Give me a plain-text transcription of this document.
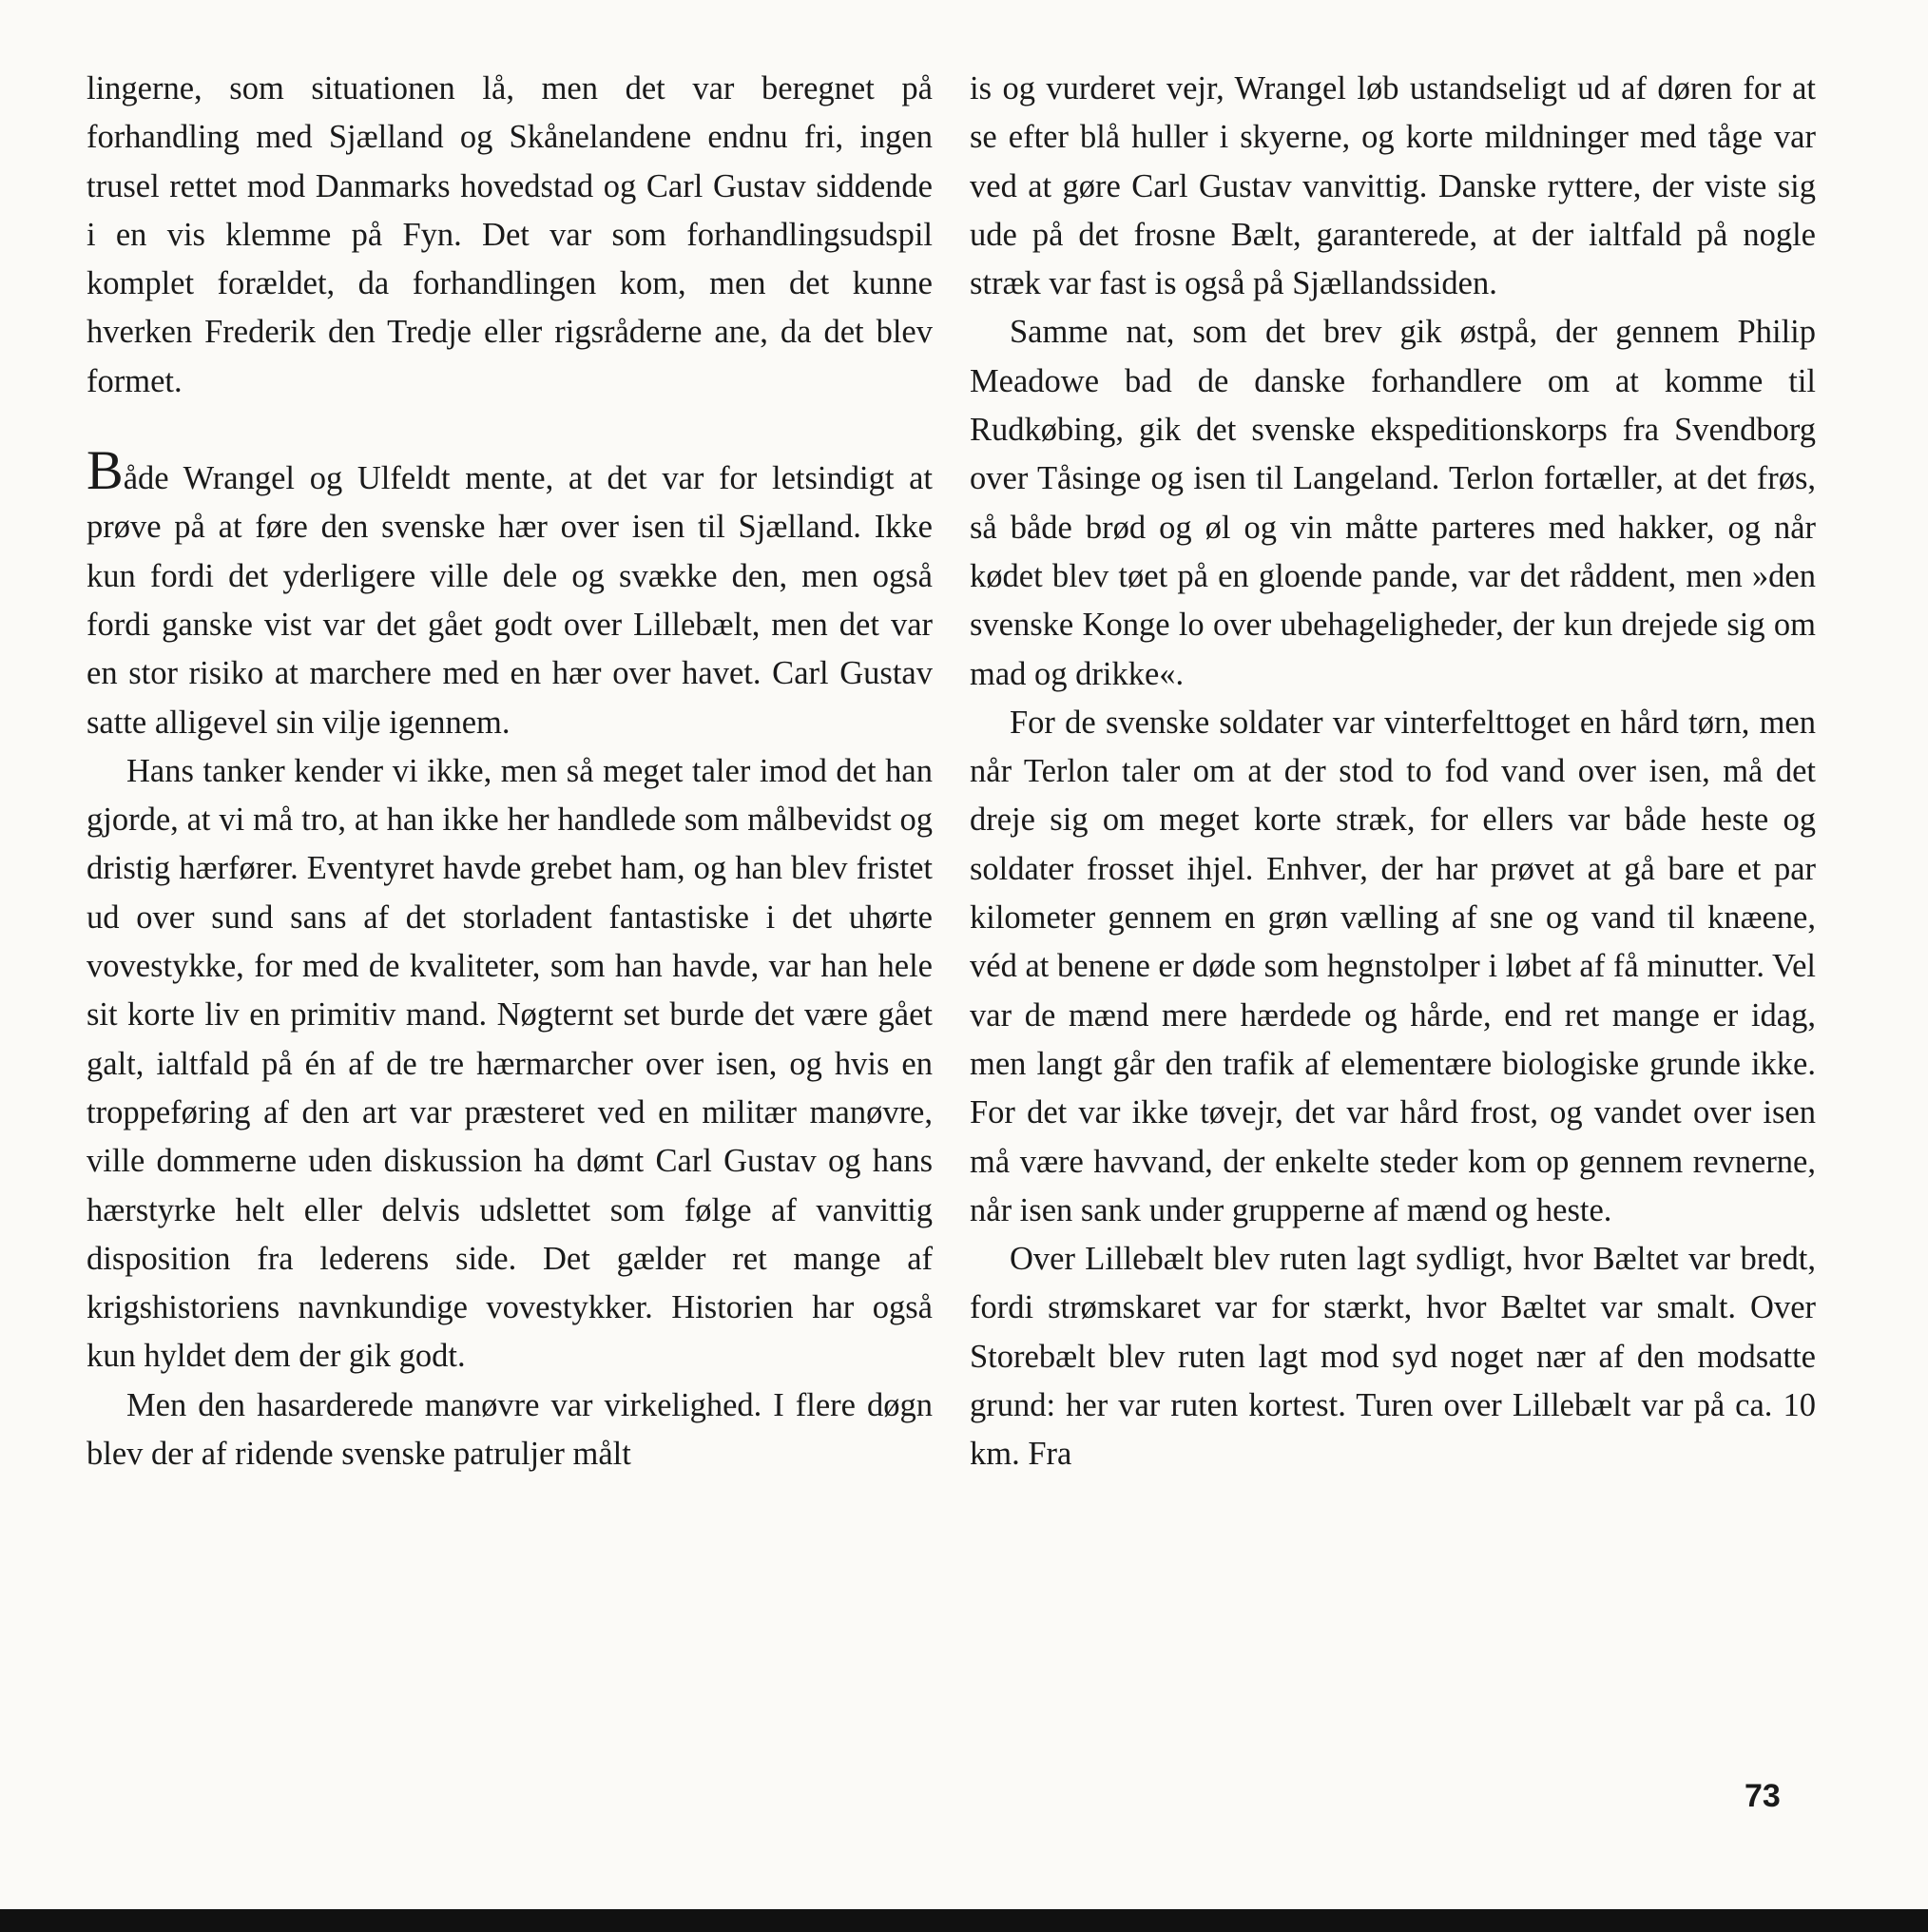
lingerne, som situationen lå, men det var beregnet på forhandling med Sjælland og Skånelandene endnu fri, ingen trusel rettet mod Danmarks hovedstad og Carl Gustav siddende i en vis klemme på Fyn. Det var som forhandlingsudspil komplet forældet, da forhandlingen kom, men det kunne hverken Frederik den Tredje eller rigsråderne ane, da det blev formet.

Både Wrangel og Ulfeldt mente, at det var for letsindigt at prøve på at føre den svenske hær over isen til Sjælland. Ikke kun fordi det yderligere ville dele og svække den, men også fordi ganske vist var det gået godt over Lillebælt, men det var en stor risiko at marchere med en hær over havet. Carl Gustav satte alligevel sin vilje igennem.

Hans tanker kender vi ikke, men så meget taler imod det han gjorde, at vi må tro, at han ikke her handlede som målbevidst og dristig hærfører. Eventyret havde grebet ham, og han blev fristet ud over sund sans af det storladent fantastiske i det uhørte vovestykke, for med de kvaliteter, som han havde, var han hele sit korte liv en primitiv mand. Nøgternt set burde det være gået galt, ialtfald på én af de tre hærmarcher over isen, og hvis en troppeføring af den art var præsteret ved en militær manøvre, ville dommerne uden diskussion ha dømt Carl Gustav og hans hærstyrke helt eller delvis udslettet som følge af vanvittig disposition fra lederens side. Det gælder ret mange af krigshistoriens navnkundige vovestykker. Historien har også kun hyldet dem der gik godt.

Men den hasarderede manøvre var virkelighed. I flere døgn blev der af ridende svenske patruljer målt

is og vurderet vejr, Wrangel løb ustandseligt ud af døren for at se efter blå huller i skyerne, og korte mildninger med tåge var ved at gøre Carl Gustav vanvittig. Danske ryttere, der viste sig ude på det frosne Bælt, garanterede, at der ialtfald på nogle stræk var fast is også på Sjællandssiden.

Samme nat, som det brev gik østpå, der gennem Philip Meadowe bad de danske forhandlere om at komme til Rudkøbing, gik det svenske ekspeditionskorps fra Svendborg over Tåsinge og isen til Langeland. Terlon fortæller, at det frøs, så både brød og øl og vin måtte parteres med hakker, og når kødet blev tøet på en gloende pande, var det råddent, men »den svenske Konge lo over ubehageligheder, der kun drejede sig om mad og drikke«.

For de svenske soldater var vinterfelttoget en hård tørn, men når Terlon taler om at der stod to fod vand over isen, må det dreje sig om meget korte stræk, for ellers var både heste og soldater frosset ihjel. Enhver, der har prøvet at gå bare et par kilometer gennem en grøn vælling af sne og vand til knæene, véd at benene er døde som hegnstolper i løbet af få minutter. Vel var de mænd mere hærdede og hårde, end ret mange er idag, men langt går den trafik af elementære biologiske grunde ikke. For det var ikke tøvejr, det var hård frost, og vandet over isen må være havvand, der enkelte steder kom op gennem revnerne, når isen sank under grupperne af mænd og heste.

Over Lillebælt blev ruten lagt sydligt, hvor Bæltet var bredt, fordi strømskaret var for stærkt, hvor Bæltet var smalt. Over Storebælt blev ruten lagt mod syd noget nær af den modsatte grund: her var ruten kortest. Turen over Lillebælt var på ca. 10 km. Fra

73
